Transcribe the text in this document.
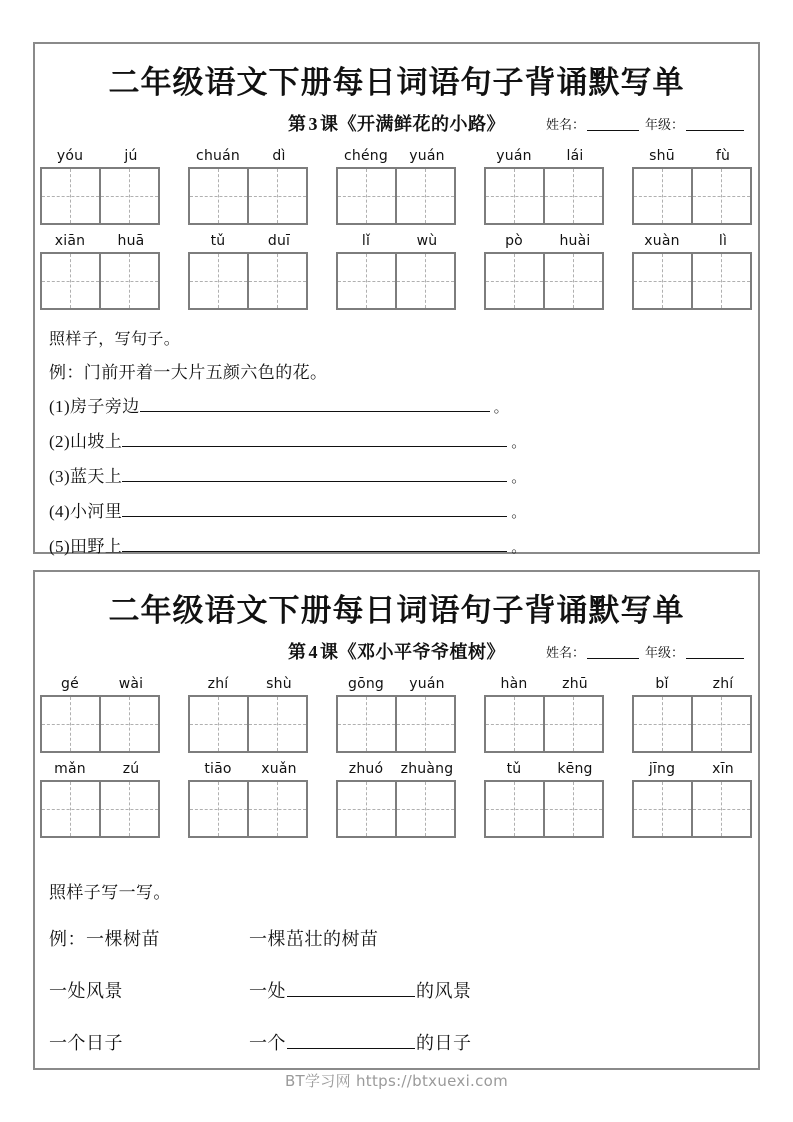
二年级语文下册每日词语句子背诵默写单
第 3 课《开满鲜花的小路》	姓名：	年级：
yóu	jú	chuán	dì	chéng	yuán	yuán	lái	shū	fù
xiān	huā	tǔ	duī	lǐ	wù	pò	huài	xuàn	lì
照样子，写句子。
例：门前开着一大片五颜六色的花。
(1)房子旁边	。
(2)山坡上	。
(3)蓝天上	。
(4)小河里	。
(5)田野上	。
二年级语文下册每日词语句子背诵默写单
第 4 课《邓小平爷爷植树》	姓名：	年级：
gé	wài	zhí	shù	gōng	yuán	hàn	zhū	bǐ	zhí
mǎn	zú	tiāo	xuǎn	zhuó	zhuàng	tǔ	kēng	jīng	xīn
照样子写一写。
例：一棵树苗	一棵茁壮的树苗
一处风景	一处	的风景
一个日子	一个	的日子
BT学习网 https://btxuexi.com
